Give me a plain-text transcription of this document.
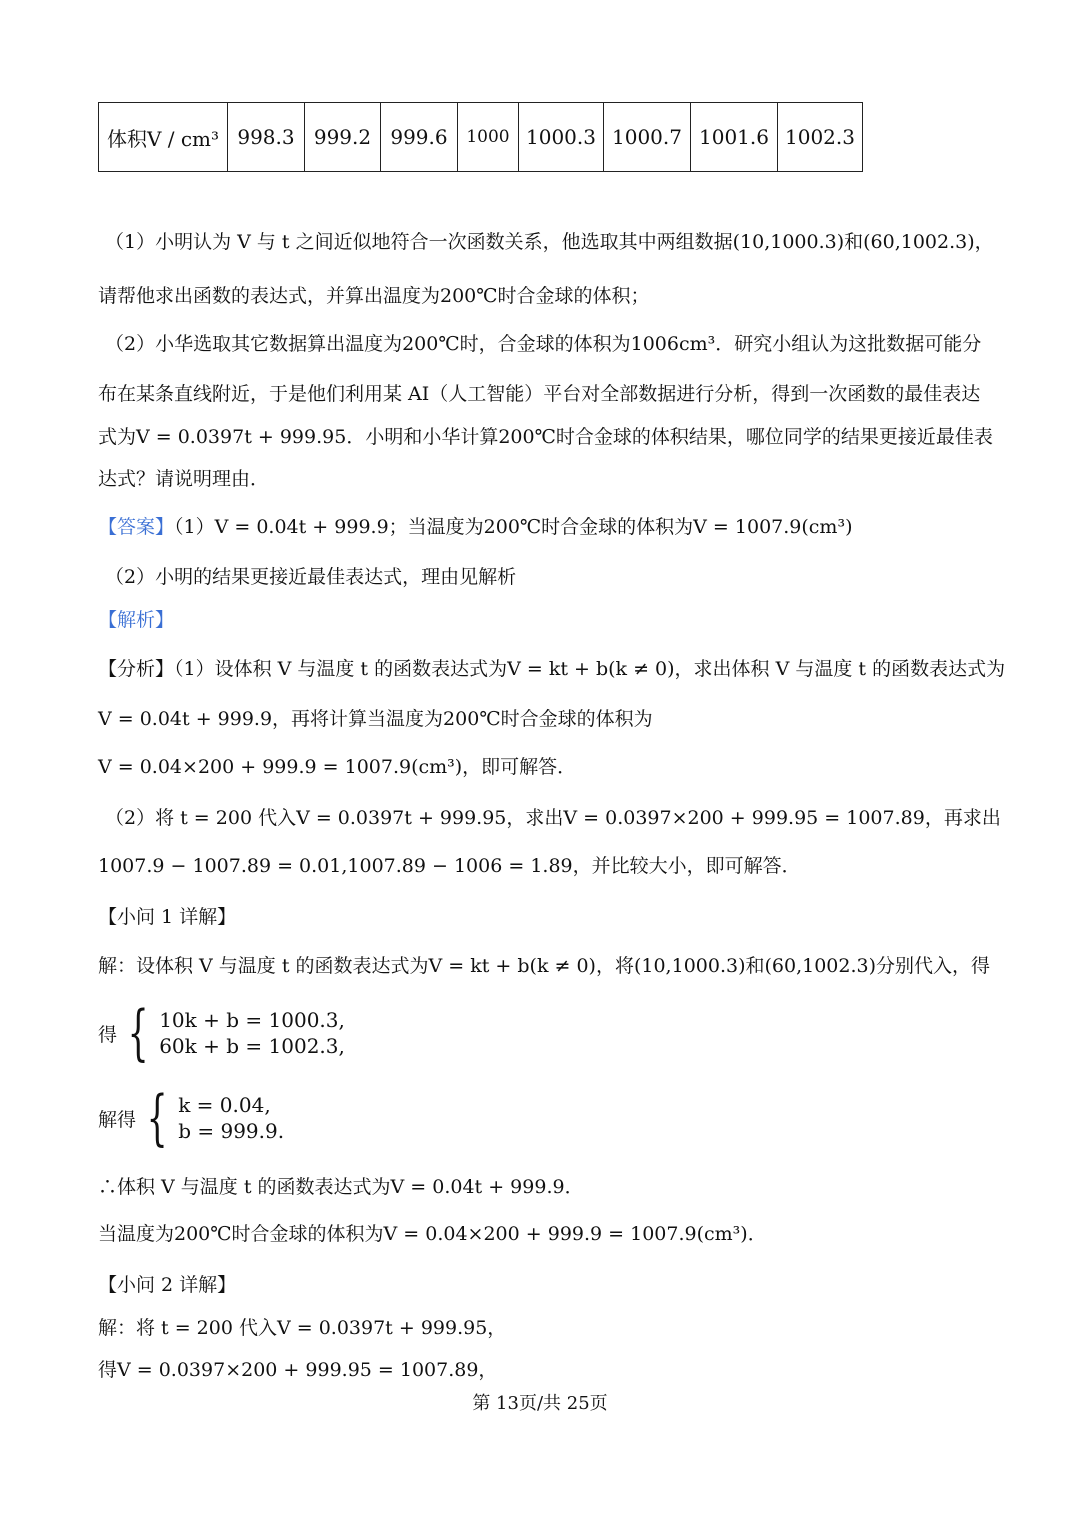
体积V / cm³	998.3	999.2	999.6	1000	1000.3	1000.7	1001.6	1002.3
（1）小明认为 V 与 t 之间近似地符合一次函数关系，他选取其中两组数据(10,1000.3)和(60,1002.3)，
请帮他求出函数的表达式，并算出温度为200℃时合金球的体积；
（2）小华选取其它数据算出温度为200℃时，合金球的体积为1006cm³．研究小组认为这批数据可能分
布在某条直线附近，于是他们利用某 AI（人工智能）平台对全部数据进行分析，得到一次函数的最佳表达
式为V = 0.0397t + 999.95．小明和小华计算200℃时合金球的体积结果，哪位同学的结果更接近最佳表
达式？请说明理由．
【答案】（1）V = 0.04t + 999.9；当温度为200℃时合金球的体积为V = 1007.9(cm³)
（2）小明的结果更接近最佳表达式，理由见解析
【解析】
【分析】（1）设体积 V 与温度 t 的函数表达式为V = kt + b(k ≠ 0)，求出体积 V 与温度 t 的函数表达式为
V = 0.04t + 999.9，再将计算当温度为200℃时合金球的体积为
V = 0.04×200 + 999.9 = 1007.9(cm³)，即可解答．
（2）将 t = 200 代入V = 0.0397t + 999.95，求出V = 0.0397×200 + 999.95 = 1007.89，再求出
1007.9 − 1007.89 = 0.01,1007.89 − 1006 = 1.89，并比较大小，即可解答．
【小问 1 详解】
解：设体积 V 与温度 t 的函数表达式为V = kt + b(k ≠ 0)，将(10,1000.3)和(60,1002.3)分别代入，得
得 { 10k + b = 1000.3,
60k + b = 1002.3,
解得 { k = 0.04,
b = 999.9.
∴体积 V 与温度 t 的函数表达式为V = 0.04t + 999.9．
当温度为200℃时合金球的体积为V = 0.04×200 + 999.9 = 1007.9(cm³)．
【小问 2 详解】
解：将 t = 200 代入V = 0.0397t + 999.95，
得V = 0.0397×200 + 999.95 = 1007.89，
第 13页/共 25页
